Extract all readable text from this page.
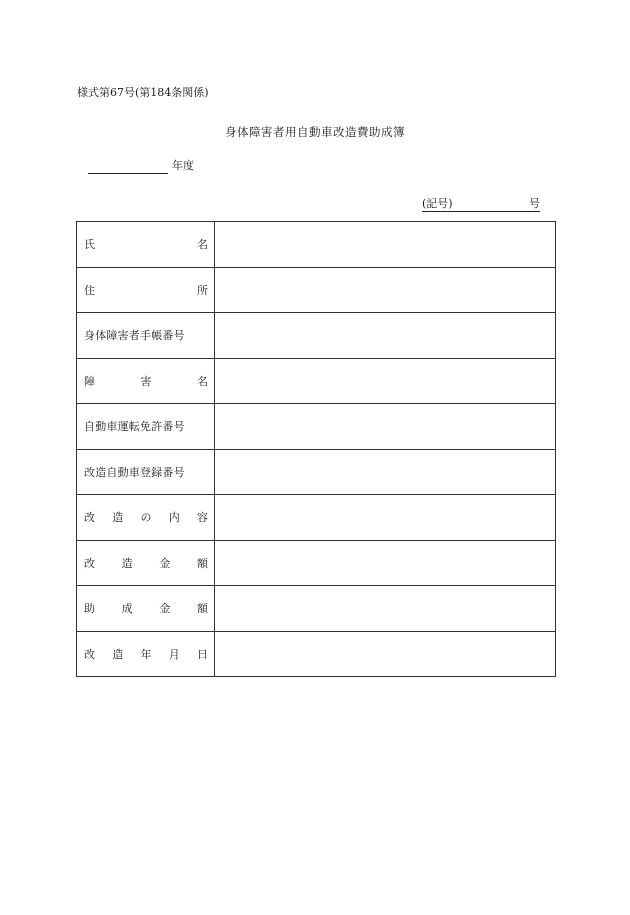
様式第67号(第184条関係)
身体障害者用自動車改造費助成簿
年度
(記号)	号
氏 名	

住 所	

身体障害者手帳番号	

障 害 名	

自動車運転免許番号	
改造自動車登録番号	

改 造 の 内 容	

改 造 金 額	

助 成 金 額	

改 造 年 月 日	
